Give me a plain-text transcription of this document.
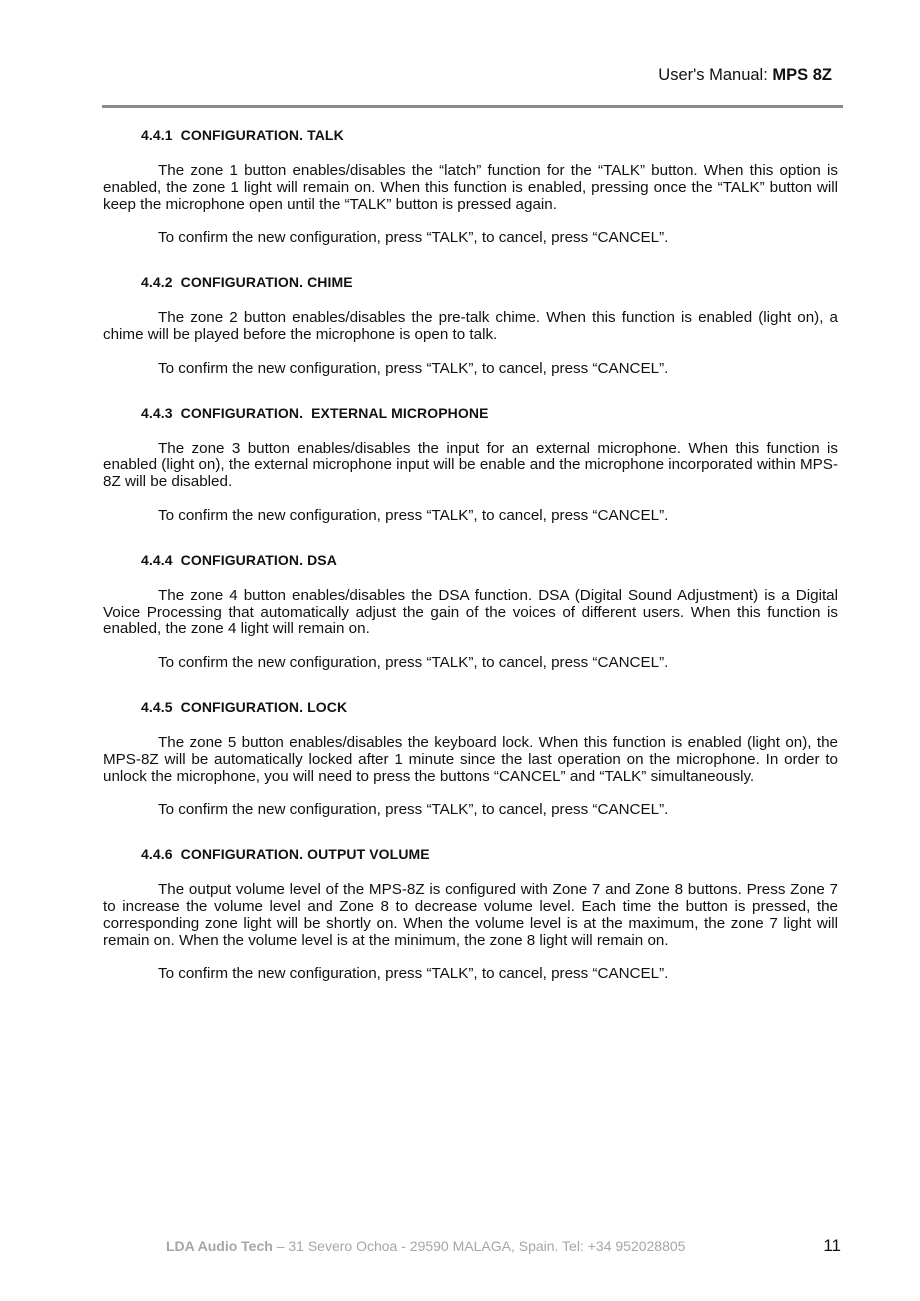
User's Manual: MPS 8Z
4.4.1 CONFIGURATION. TALK

The zone 1 button enables/disables the “latch” function for the “TALK” button. When this option is enabled, the zone 1 light will remain on. When this function is enabled, pressing once the “TALK” button will keep the microphone open until the “TALK” button is pressed again.

To confirm the new configuration, press “TALK”, to cancel, press “CANCEL”.

4.4.2 CONFIGURATION. CHIME

The zone 2 button enables/disables the pre-talk chime. When this function is enabled (light on), a chime will be played before the microphone is open to talk.

To confirm the new configuration, press “TALK”, to cancel, press “CANCEL”.

4.4.3 CONFIGURATION.  EXTERNAL MICROPHONE

The zone 3 button enables/disables the input for an external microphone. When this function is enabled (light on), the external microphone input will be enable and the microphone incorporated within MPS-8Z will be disabled.

To confirm the new configuration, press “TALK”, to cancel, press “CANCEL”.

4.4.4 CONFIGURATION. DSA

The zone 4 button enables/disables the DSA function. DSA (Digital Sound Adjustment) is a Digital Voice Processing that automatically adjust the gain of the voices of different users. When this function is enabled, the zone 4 light will remain on.

To confirm the new configuration, press “TALK”, to cancel, press “CANCEL”.

4.4.5 CONFIGURATION. LOCK

The zone 5 button enables/disables the keyboard lock. When this function is enabled (light on), the MPS-8Z will be automatically locked after 1 minute since the last operation on the microphone. In order to unlock the microphone, you will need to press the buttons “CANCEL” and “TALK” simultaneously.

To confirm the new configuration, press “TALK”, to cancel, press “CANCEL”.

4.4.6 CONFIGURATION. OUTPUT VOLUME

The output volume level of the MPS-8Z is configured with Zone 7 and Zone 8 buttons. Press Zone 7 to increase the volume level and Zone 8 to decrease volume level. Each time the button is pressed, the corresponding zone light will be shortly on. When the volume level is at the maximum, the zone 7 light will remain on. When the volume level is at the minimum, the zone 8 light will remain on.

To confirm the new configuration, press “TALK”, to cancel, press “CANCEL”.

LDA Audio Tech – 31 Severo Ochoa - 29590 MALAGA, Spain. Tel: +34 952028805	11
